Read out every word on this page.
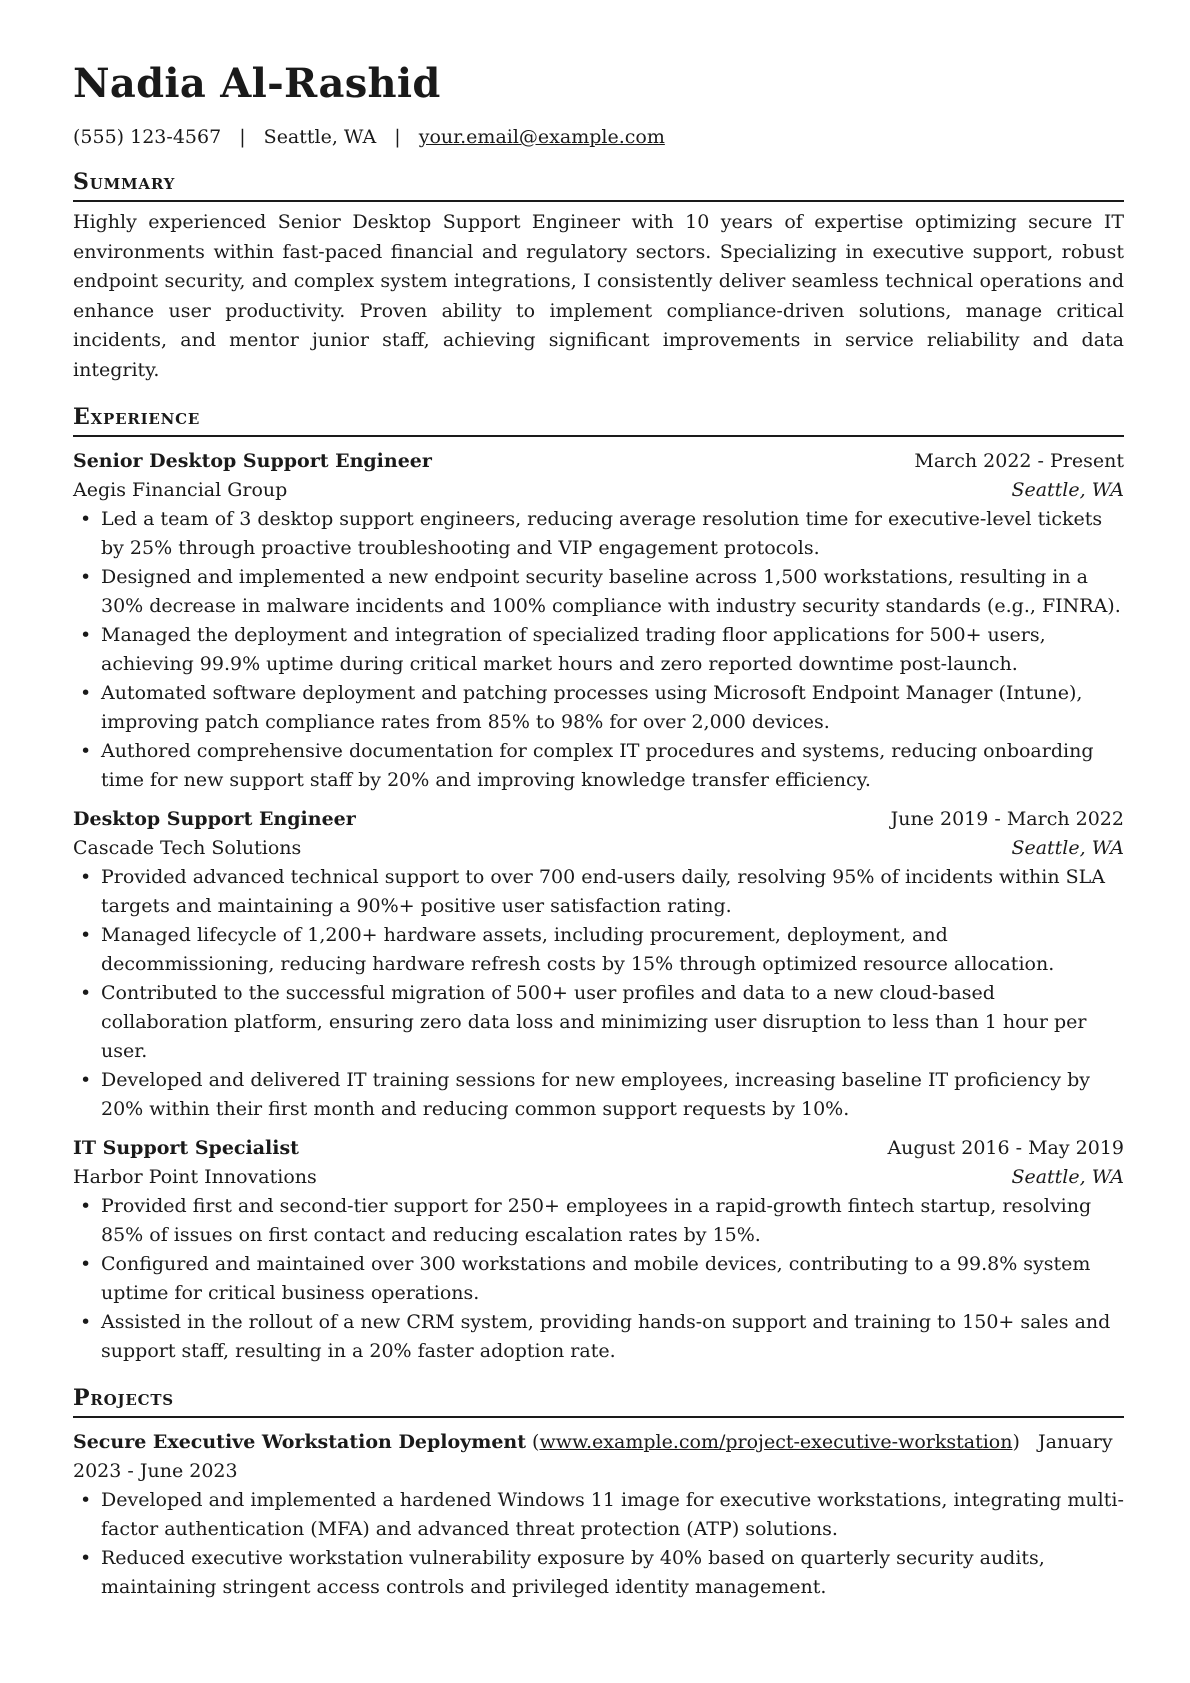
Nadia Al-Rashid
(555) 123-4567 | Seattle, WA | your.email@example.com
Summary
Highly experienced Senior Desktop Support Engineer with 10 years of expertise optimizing secure IT environments within fast-paced financial and regulatory sectors. Specializing in executive support, robust endpoint security, and complex system integrations, I consistently deliver seamless technical operations and enhance user productivity. Proven ability to implement compliance-driven solutions, manage critical incidents, and mentor junior staff, achieving significant improvements in service reliability and data integrity.
Experience
Senior Desktop Support Engineer	March 2022 - Present
Aegis Financial Group	Seattle, WA
• Led a team of 3 desktop support engineers, reducing average resolution time for executive-level tickets by 25% through proactive troubleshooting and VIP engagement protocols.
• Designed and implemented a new endpoint security baseline across 1,500 workstations, resulting in a 30% decrease in malware incidents and 100% compliance with industry security standards (e.g., FINRA).
• Managed the deployment and integration of specialized trading floor applications for 500+ users, achieving 99.9% uptime during critical market hours and zero reported downtime post-launch.
• Automated software deployment and patching processes using Microsoft Endpoint Manager (Intune), improving patch compliance rates from 85% to 98% for over 2,000 devices.
• Authored comprehensive documentation for complex IT procedures and systems, reducing onboarding time for new support staff by 20% and improving knowledge transfer efficiency.
Desktop Support Engineer	June 2019 - March 2022
Cascade Tech Solutions	Seattle, WA
• Provided advanced technical support to over 700 end-users daily, resolving 95% of incidents within SLA targets and maintaining a 90%+ positive user satisfaction rating.
• Managed lifecycle of 1,200+ hardware assets, including procurement, deployment, and decommissioning, reducing hardware refresh costs by 15% through optimized resource allocation.
• Contributed to the successful migration of 500+ user profiles and data to a new cloud-based collaboration platform, ensuring zero data loss and minimizing user disruption to less than 1 hour per user.
• Developed and delivered IT training sessions for new employees, increasing baseline IT proficiency by 20% within their first month and reducing common support requests by 10%.
IT Support Specialist	August 2016 - May 2019
Harbor Point Innovations	Seattle, WA
• Provided first and second-tier support for 250+ employees in a rapid-growth fintech startup, resolving 85% of issues on first contact and reducing escalation rates by 15%.
• Configured and maintained over 300 workstations and mobile devices, contributing to a 99.8% system uptime for critical business operations.
• Assisted in the rollout of a new CRM system, providing hands-on support and training to 150+ sales and support staff, resulting in a 20% faster adoption rate.
Projects
Secure Executive Workstation Deployment (www.example.com/project-executive-workstation)   January 2023 - June 2023
• Developed and implemented a hardened Windows 11 image for executive workstations, integrating multi-factor authentication (MFA) and advanced threat protection (ATP) solutions.
• Reduced executive workstation vulnerability exposure by 40% based on quarterly security audits, maintaining stringent access controls and privileged identity management.
